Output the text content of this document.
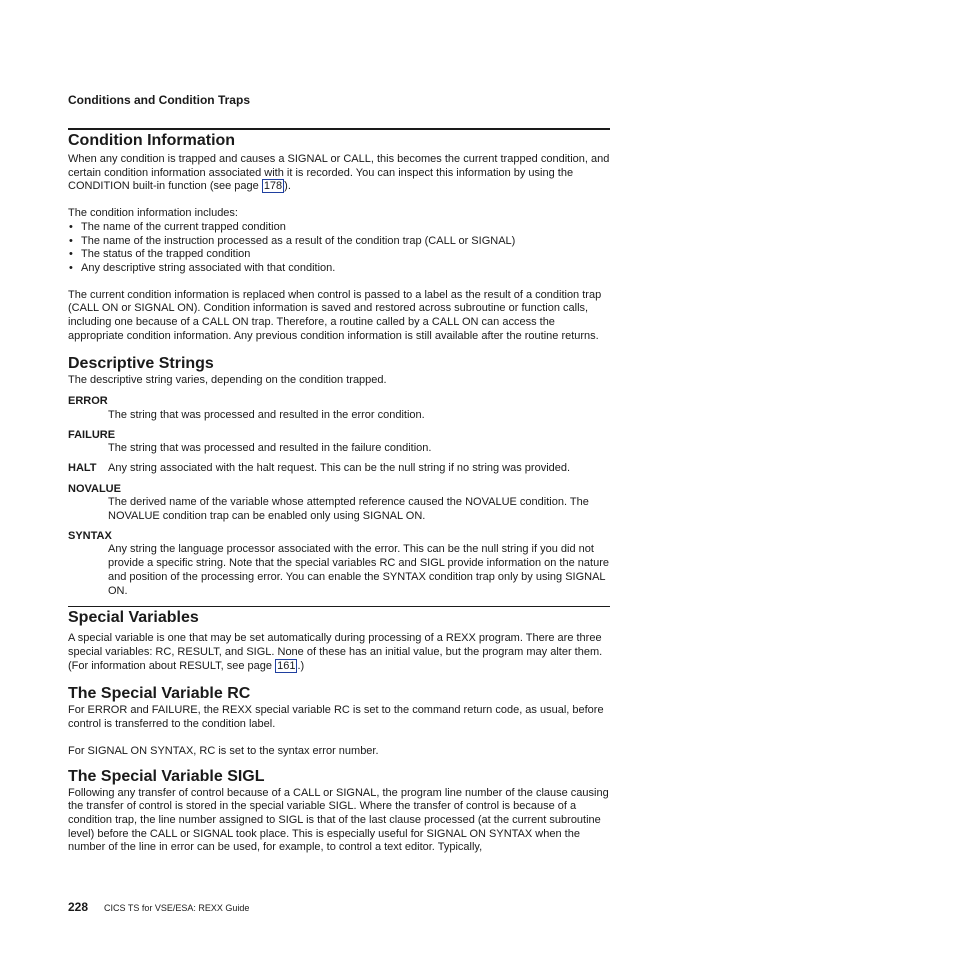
Conditions and Condition Traps
Condition Information

When any condition is trapped and causes a SIGNAL or CALL, this becomes the current trapped condition, and certain condition information associated with it is recorded. You can inspect this information by using the CONDITION built-in function (see page 178 ).

The condition information includes:

• The name of the current trapped condition
• The name of the instruction processed as a result of the condition trap (CALL or SIGNAL)
• The status of the trapped condition
• Any descriptive string associated with that condition.

The current condition information is replaced when control is passed to a label as the result of a condition trap (CALL ON or SIGNAL ON). Condition information is saved and restored across subroutine or function calls, including one because of a CALL ON trap. Therefore, a routine called by a CALL ON can access the appropriate condition information. Any previous condition information is still available after the routine returns.

Descriptive Strings

The descriptive string varies, depending on the condition trapped.

ERROR
The string that was processed and resulted in the error condition.
FAILURE
The string that was processed and resulted in the failure condition.
HALT	Any string associated with the halt request. This can be the null string if no string was provided.
NOVALUE
The derived name of the variable whose attempted reference caused the NOVALUE condition. The NOVALUE condition trap can be enabled only using SIGNAL ON.
SYNTAX
Any string the language processor associated with the error. This can be the null string if you did not provide a specific string. Note that the special variables RC and SIGL provide information on the nature and position of the processing error. You can enable the SYNTAX condition trap only by using SIGNAL ON.
Special Variables

A special variable is one that may be set automatically during processing of a REXX program. There are three special variables: RC, RESULT, and SIGL. None of these has an initial value, but the program may alter them. (For information about RESULT, see page 161 .)

The Special Variable RC

For ERROR and FAILURE, the REXX special variable RC is set to the command return code, as usual, before control is transferred to the condition label.

For SIGNAL ON SYNTAX, RC is set to the syntax error number.

The Special Variable SIGL

Following any transfer of control because of a CALL or SIGNAL, the program line number of the clause causing the transfer of control is stored in the special variable SIGL. Where the transfer of control is because of a condition trap, the line number assigned to SIGL is that of the last clause processed (at the current subroutine level) before the CALL or SIGNAL took place. This is especially useful for SIGNAL ON SYNTAX when the number of the line in error can be used, for example, to control a text editor. Typically,

228 CICS TS for VSE/ESA: REXX Guide
